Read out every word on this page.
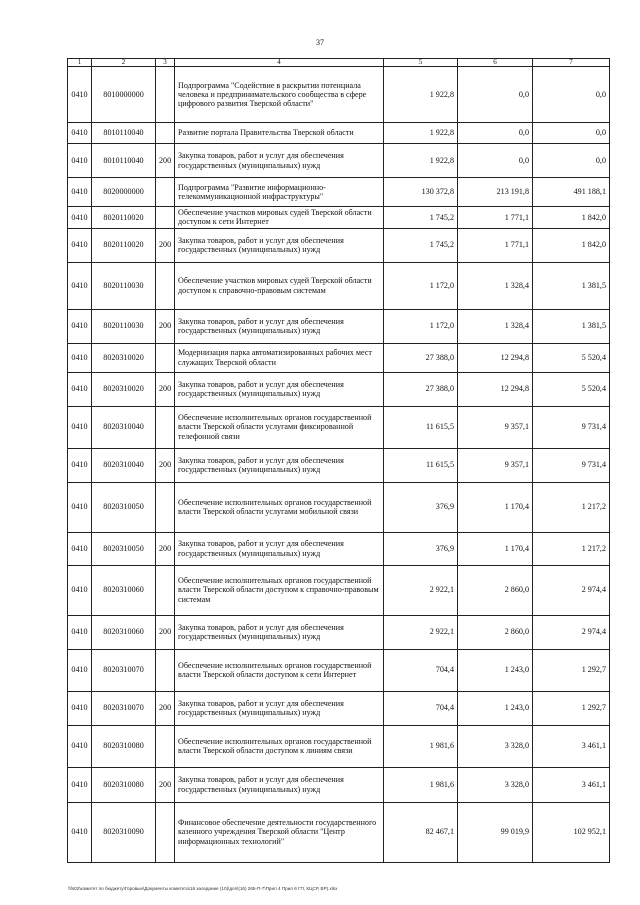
37
1	2	3	4	5	6	7
0410	8010000000		Подпрограмма "Содействие в раскрытии потенциала человека и предпринимательского сообщества в сфере цифрового развития Тверской области"	1 922,8	0,0	0,0
0410	8010110040		Развитие портала Правительства Тверской области	1 922,8	0,0	0,0
0410	8010110040	200	Закупка товаров, работ и услуг для обеспечения государственных (муниципальных) нужд	1 922,8	0,0	0,0
0410	8020000000		Подпрограмма "Развитие информационно-телекоммуникационной инфраструктуры"	130 372,8	213 191,8	491 188,1
0410	8020110020		Обеспечение участков мировых судей Тверской области доступом к сети Интернет	1 745,2	1 771,1	1 842,0
0410	8020110020	200	Закупка товаров, работ и услуг для обеспечения государственных (муниципальных) нужд	1 745,2	1 771,1	1 842,0
0410	8020110030		Обеспечение участков мировых судей Тверской области доступом к справочно-правовым системам	1 172,0	1 328,4	1 381,5
0410	8020110030	200	Закупка товаров, работ и услуг для обеспечения государственных (муниципальных) нужд	1 172,0	1 328,4	1 381,5
0410	8020310020		Модернизация парка автоматизированных рабочих мест служащих Тверской области	27 388,0	12 294,8	5 520,4
0410	8020310020	200	Закупка товаров, работ и услуг для обеспечения государственных (муниципальных) нужд	27 388,0	12 294,8	5 520,4
0410	8020310040		Обеспечение исполнительных органов государственной власти Тверской области услугами фиксированной телефонной связи	11 615,5	9 357,1	9 731,4
0410	8020310040	200	Закупка товаров, работ и услуг для обеспечения государственных (муниципальных) нужд	11 615,5	9 357,1	9 731,4
0410	8020310050		Обеспечение исполнительных органов государственной власти Тверской области услугами мобильной связи	376,9	1 170,4	1 217,2
0410	8020310050	200	Закупка товаров, работ и услуг для обеспечения государственных (муниципальных) нужд	376,9	1 170,4	1 217,2
0410	8020310060		Обеспечение исполнительных органов государственной власти Тверской области доступом к справочно-правовым системам	2 922,1	2 860,0	2 974,4
0410	8020310060	200	Закупка товаров, работ и услуг для обеспечения государственных (муниципальных) нужд	2 922,1	2 860,0	2 974,4
0410	8020310070		Обеспечение исполнительных органов государственной власти Тверской области доступом к сети Интернет	704,4	1 243,0	1 292,7
0410	8020310070	200	Закупка товаров, работ и услуг для обеспечения государственных (муниципальных) нужд	704,4	1 243,0	1 292,7
0410	8020310080		Обеспечение исполнительных органов государственной власти Тверской области доступом к линиям связи	1 981,6	3 328,0	3 461,1
0410	8020310080	200	Закупка товаров, работ и услуг для обеспечения государственных (муниципальных) нужд	1 981,6	3 328,0	3 461,1
0410	8020310090		Финансовое обеспечение деятельности государственного казенного учреждения Тверской области "Центр информационных технологий"	82 467,1	99 019,9	102 952,1
\\fs02\комитет по бюджету\Горовые\Документы комитета\16 заседание (10)\доп\(16) 265-П-7\Прил 4 Прил 6 ГП, КЦСР, ВР).xlsx
